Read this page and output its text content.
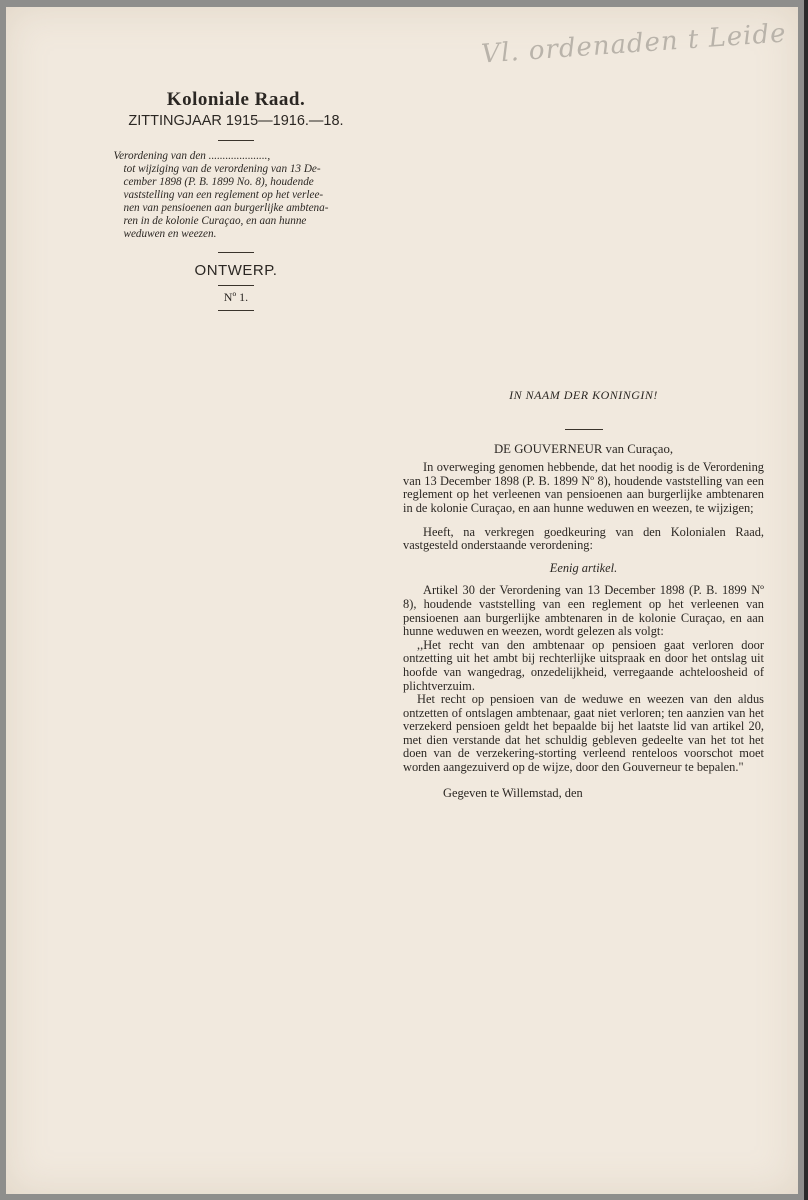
Vl. ordenaden t Leide
Koloniale Raad.
ZITTINGJAAR 1915—1916.—18.
Verordening van den .....................,
tot wijziging van de verordening van 13 De-
cember 1898 (P. B. 1899 No. 8), houdende
vaststelling van een reglement op het verlee-
nen van pensioenen aan burgerlijke ambtena-
ren in de kolonie Curaçao, en aan hunne
weduwen en weezen.
ONTWERP.
Nº 1.
IN NAAM DER KONINGIN!
DE GOUVERNEUR van Curaçao,

In overweging genomen hebbende, dat het noodig is de Verordening van 13 December 1898 (P. B. 1899 Nº 8), houdende vaststelling van een reglement op het verleenen van pensioenen aan burgerlijke ambtenaren in de kolonie Curaçao, en aan hunne weduwen en weezen, te wijzigen;

Heeft, na verkregen goedkeuring van den Kolonialen Raad, vastgesteld onderstaande verordening:

Eenig artikel.

Artikel 30 der Verordening van 13 December 1898 (P. B. 1899 Nº 8), houdende vaststelling van een reglement op het verleenen van pensioenen aan burgerlijke ambtenaren in de kolonie Curaçao, en aan hunne weduwen en weezen, wordt gelezen als volgt:

,,Het recht van den ambtenaar op pensioen gaat verloren door ontzetting uit het ambt bij rechterlijke uitspraak en door het ontslag uit hoofde van wangedrag, onzedelijkheid, verregaande achteloosheid of plichtverzuim.

Het recht op pensioen van de weduwe en weezen van den aldus ontzetten of ontslagen ambtenaar, gaat niet verloren; ten aanzien van het verzekerd pensioen geldt het bepaalde bij het laatste lid van artikel 20, met dien verstande dat het schuldig gebleven gedeelte van het tot het doen van de verzekering-storting verleend renteloos voorschot moet worden aangezuiverd op de wijze, door den Gouverneur te bepalen."

Gegeven te Willemstad, den
